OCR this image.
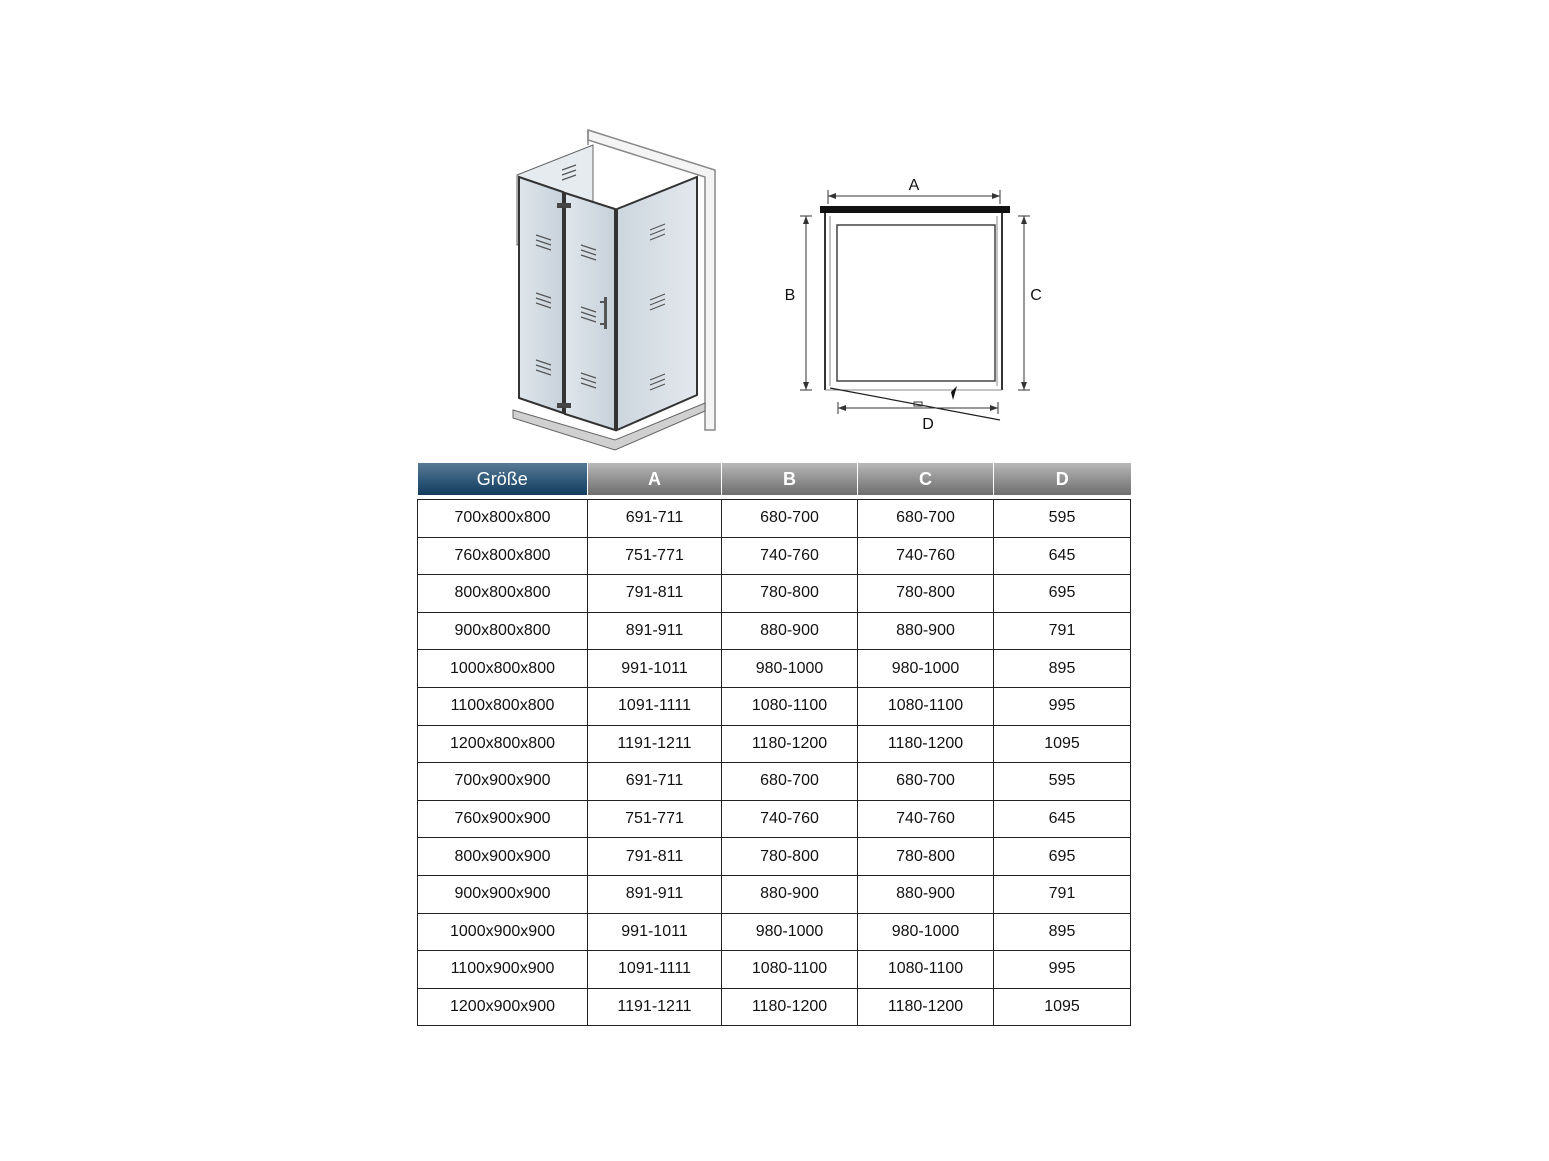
A
B	C
D
Größe	A	B	C	D

700x800x800	691-711	680-700	680-700	595
760x800x800	751-771	740-760	740-760	645
800x800x800	791-811	780-800	780-800	695
900x800x800	891-911	880-900	880-900	791
1000x800x800	991-1011	980-1000	980-1000	895
1100x800x800	1091-1111	1080-1100	1080-1100	995
1200x800x800	1191-1211	1180-1200	1180-1200	1095
700x900x900	691-711	680-700	680-700	595
760x900x900	751-771	740-760	740-760	645
800x900x900	791-811	780-800	780-800	695
900x900x900	891-911	880-900	880-900	791
1000x900x900	991-1011	980-1000	980-1000	895
1100x900x900	1091-1111	1080-1100	1080-1100	995
1200x900x900	1191-1211	1180-1200	1180-1200	1095
